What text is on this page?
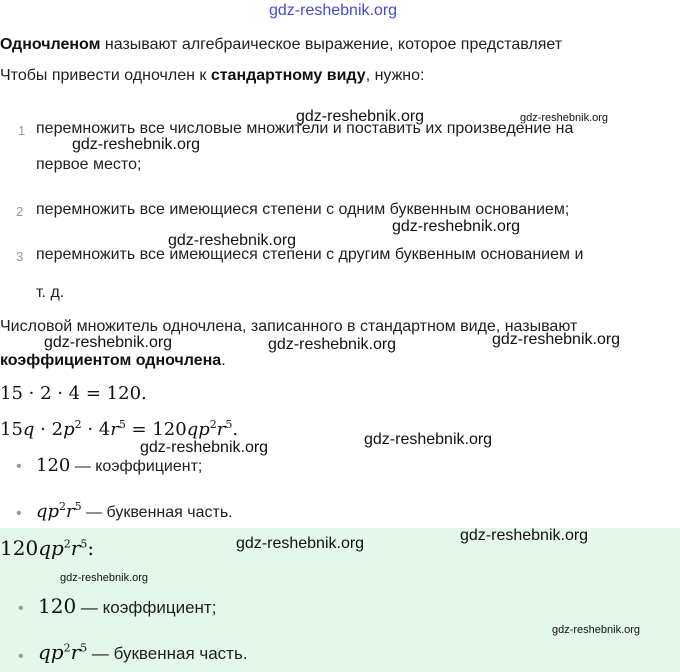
gdz-reshebnik.org
Одночленом называют алгебраическое выражение, которое представляет
Чтобы привести одночлен к стандартному виду, нужно:
1 перемножить все числовые множители и поставить их произведение на
первое место;
2 перемножить все имеющиеся степени с одним буквенным основанием;
3 перемножить все имеющиеся степени с другим буквенным основанием и
т. д.
Числовой множитель одночлена, записанного в стандартном виде, называют
коэффициентом одночлена.
15 · 2 · 4 = 120.
$15q \cdot 2p^2 \cdot 4r^5 = 120qp^2r^5$.
• 120 — коэффициент;
• $qp^2r^5$ — буквенная часть.
$120qp^2r^5$:
• 120 — коэффициент;
• $qp^2r^5$ — буквенная часть.
gdz-reshebnik.org	gdz-reshebnik.org
gdz-reshebnik.org
gdz-reshebnik.org
gdz-reshebnik.org
gdz-reshebnik.org	gdz-reshebnik.org	gdz-reshebnik.org
gdz-reshebnik.org
gdz-reshebnik.org
gdz-reshebnik.org
gdz-reshebnik.org
gdz-reshebnik.org
gdz-reshebnik.org
